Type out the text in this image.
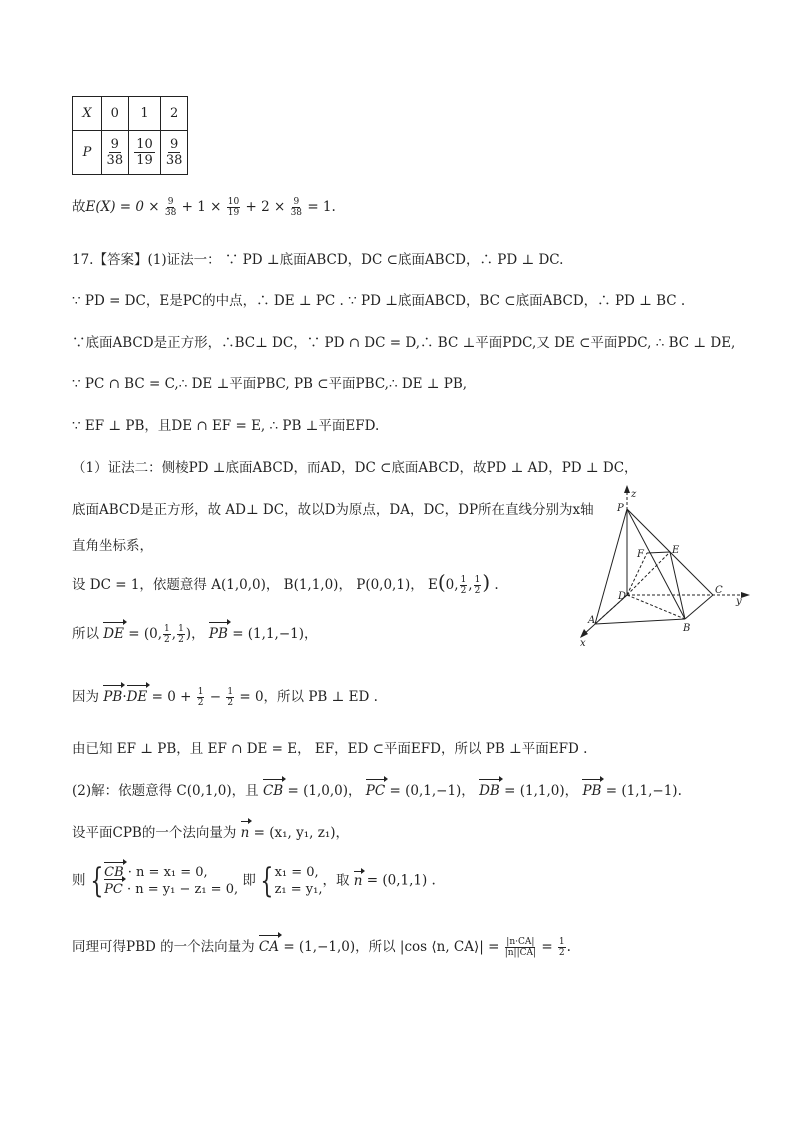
X	0	1	2
P	$\frac{9}{38}$	$\frac{10}{19}$	$\frac{9}{38}$
故$E(X) = 0 \times \frac{9}{38} + 1 \times \frac{10}{19} + 2 \times \frac{9}{38} = 1$.
17.【答案】(1)证法一： ∵ PD ⊥底面ABCD，DC ⊂底面ABCD，∴ PD ⊥ DC.
∵ PD = DC，E是PC的中点，∴ DE ⊥ PC . ∵ PD ⊥底面ABCD，BC ⊂底面ABCD，∴ PD ⊥ BC .
∵底面ABCD是正方形，∴BC⊥ DC，∵ PD ∩ DC = D,∴ BC ⊥平面PDC,又 DE ⊂平面PDC, ∴ BC ⊥ DE,
∵ PC ∩ BC = C,∴ DE ⊥平面PBC, PB ⊂平面PBC,∴ DE ⊥ PB,
∵ EF ⊥ PB，且DE ∩ EF = E, ∴ PB ⊥平面EFD.
（1）证法二：侧棱PD ⊥底面ABCD，而AD，DC ⊂底面ABCD，故PD ⊥ AD，PD ⊥ DC，
底面ABCD是正方形，故 AD⊥ DC，故以D为原点，DA，DC，DP所在直线分别为x轴
直角坐标系，
设 DC = 1，依题意得 A(1,0,0)， B(1,1,0)， P(0,0,1)， E(0, $\frac{1}{2}$ , $\frac{1}{2}$ ) .
所以 DE = (0, $\frac{1}{2}$ , $\frac{1}{2}$ )， PB = (1,1,−1)，
因为 $PB\cdot DE = 0 + \frac{1}{2} - \frac{1}{2} = 0$，所以 PB ⊥ ED .
由已知 EF ⊥ PB，且 EF ∩ DE = E， EF，ED ⊂平面EFD，所以 PB ⊥平面EFD .
(2)解：依题意得 C(0,1,0)，且 CB = (1,0,0)， PC = (0,1,−1)， DB = (1,1,0)， PB = (1,1,−1).
设平面CPB的一个法向量为 n = (x₁, y₁, z₁)，
则 { CB · n = x₁ = 0,
PC · n = y₁ − z₁ = 0,
即 { x₁ = 0,
z₁ = y₁,
，取 n = (0,1,1) .
同理可得PBD 的一个法向量为 CA = (1,−1,0)，所以 |cos ⟨n, CA⟩| = $\frac{|n\cdot CA|}{|n||CA|} = \frac{1}{2}$ .
z
P
F	E
D
C
y
A
B
x
